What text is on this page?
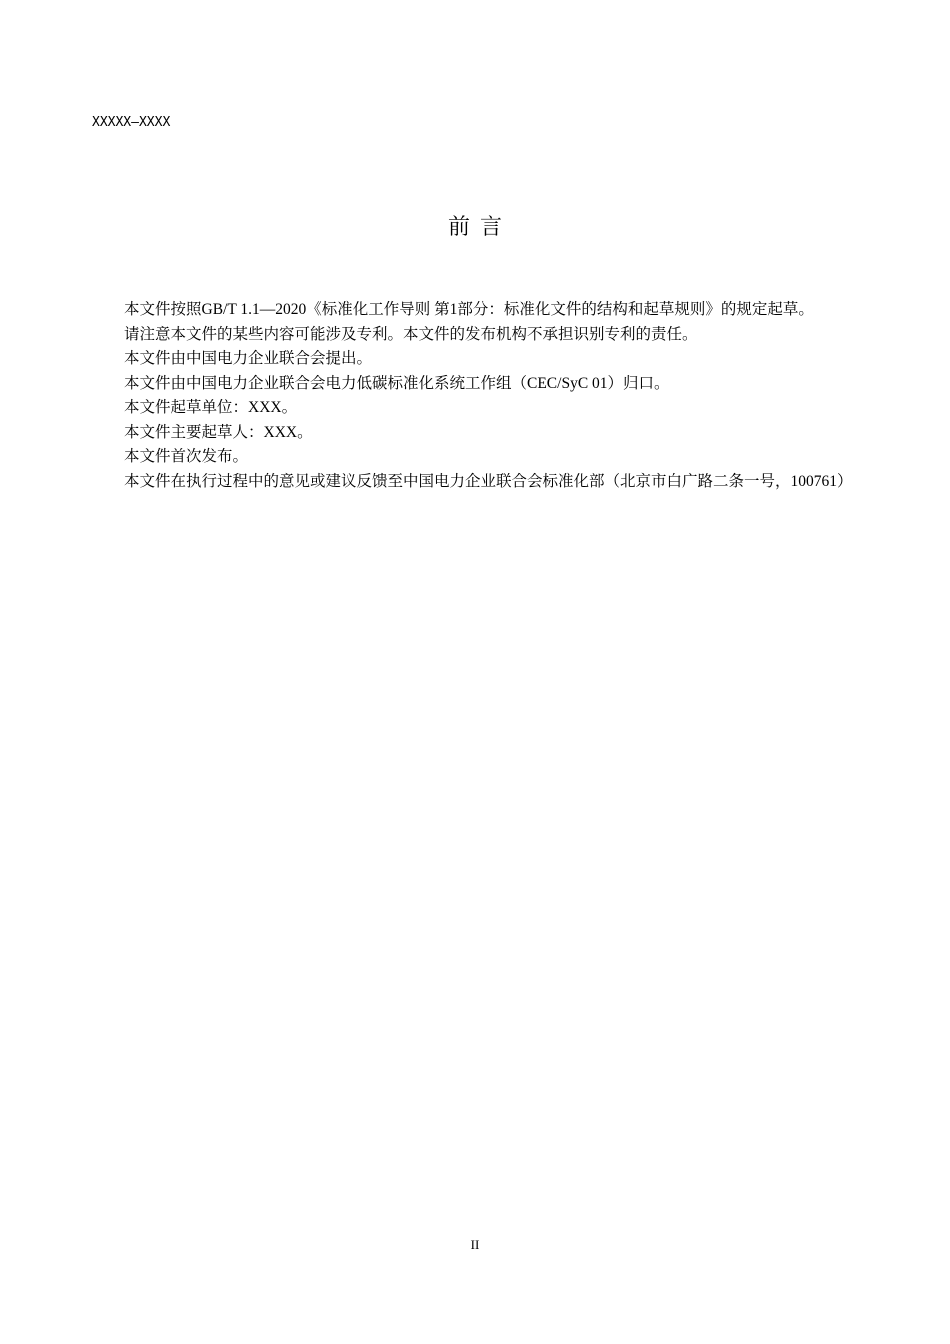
XXXXX—XXXX
前言

本文件按照GB/T 1.1—2020《标准化工作导则 第1部分：标准化文件的结构和起草规则》的规定起草。

请注意本文件的某些内容可能涉及专利。本文件的发布机构不承担识别专利的责任。

本文件由中国电力企业联合会提出。

本文件由中国电力企业联合会电力低碳标准化系统工作组（CEC/SyC 01）归口。

本文件起草单位：XXX。

本文件主要起草人：XXX。

本文件首次发布。

本文件在执行过程中的意见或建议反馈至中国电力企业联合会标准化部（北京市白广路二条一号，100761）

II
